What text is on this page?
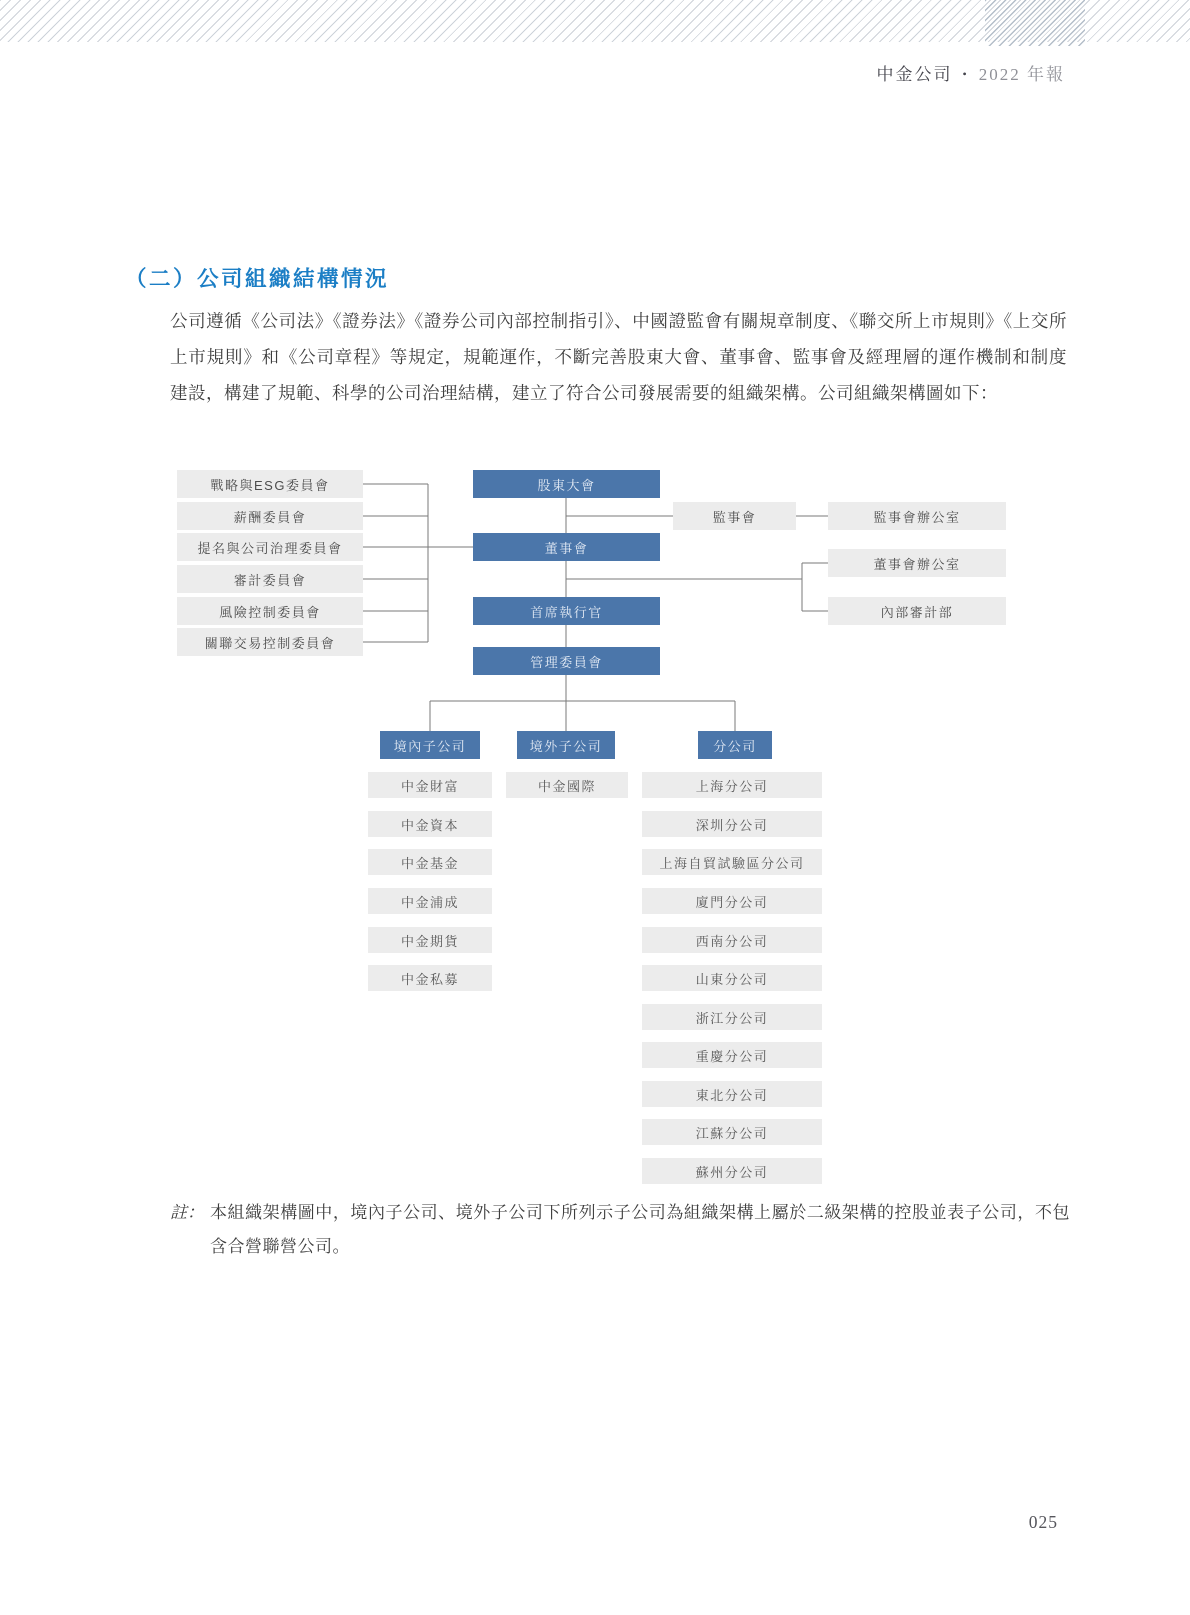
中金公司 • 2022 年報
（二）公司組織結構情況

公司遵循《公司法》《證券法》《證券公司內部控制指引》、中國證監會有關規章制度、《聯交所上市規則》《上交所上市規則》和《公司章程》等規定，規範運作，不斷完善股東大會、董事會、監事會及經理層的運作機制和制度建設，構建了規範、科學的公司治理結構，建立了符合公司發展需要的組織架構。公司組織架構圖如下：

戰略與ESG委員會
薪酬委員會
提名與公司治理委員會
審計委員會
風險控制委員會
關聯交易控制委員會
股東大會
董事會
首席執行官
管理委員會
監事會	監事會辦公室
董事會辦公室
內部審計部
境內子公司	境外子公司	分公司
中金財富
中金資本
中金基金
中金浦成
中金期貨
中金私募
中金國際	上海分公司
深圳分公司
上海自貿試驗區分公司
廈門分公司
西南分公司
山東分公司
浙江分公司
重慶分公司
東北分公司
江蘇分公司
蘇州分公司
註： 本組織架構圖中，境內子公司、境外子公司下所列示子公司為組織架構上屬於二級架構的控股並表子公司，不包含合營聯營公司。
025
